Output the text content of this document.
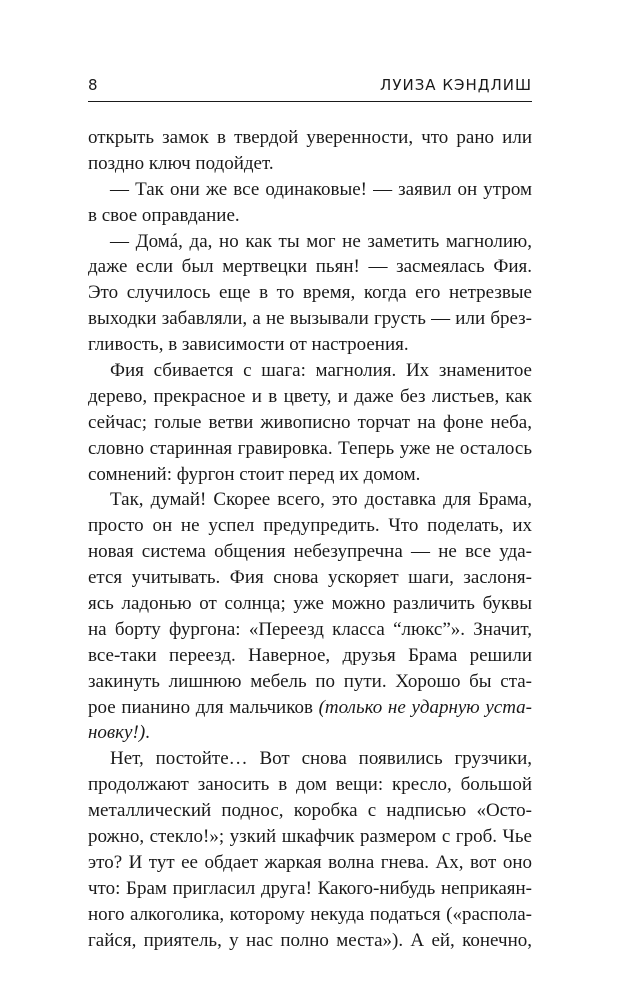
8	ЛУИЗА КЭНДЛИШ
открыть замок в твердой уверенности, что рано или
поздно ключ подойдет.
— Так они же все одинаковые! — заявил он утром
в свое оправдание.
— Домá, да, но как ты мог не заметить магнолию,
даже если был мертвецки пьян! — засмеялась Фия.
Это случилось еще в то время, когда его нетрезвые
выходки забавляли, а не вызывали грусть — или брез-
гливость, в зависимости от настроения.
Фия сбивается с шага: магнолия. Их знаменитое
дерево, прекрасное и в цвету, и даже без листьев, как
сейчас; голые ветви живописно торчат на фоне неба,
словно старинная гравировка. Теперь уже не осталось
сомнений: фургон стоит перед их домом.
Так, думай! Скорее всего, это доставка для Брама,
просто он не успел предупредить. Что поделать, их
новая система общения небезупречна — не все уда-
ется учитывать. Фия снова ускоряет шаги, заслоня-
ясь ладонью от солнца; уже можно различить буквы
на борту фургона: «Переезд класса “люкс”». Значит,
все-таки переезд. Наверное, друзья Брама решили
закинуть лишнюю мебель по пути. Хорошо бы ста-
рое пианино для мальчиков (только не ударную уста-
новку!).
Нет, постойте… Вот снова появились грузчики,
продолжают заносить в дом вещи: кресло, большой
металлический поднос, коробка с надписью «Осто-
рожно, стекло!»; узкий шкафчик размером с гроб. Чье
это? И тут ее обдает жаркая волна гнева. Ах, вот оно
что: Брам пригласил друга! Какого-нибудь неприкаян-
ного алкоголика, которому некуда податься («распола-
гайся, приятель, у нас полно места»). А ей, конечно,
